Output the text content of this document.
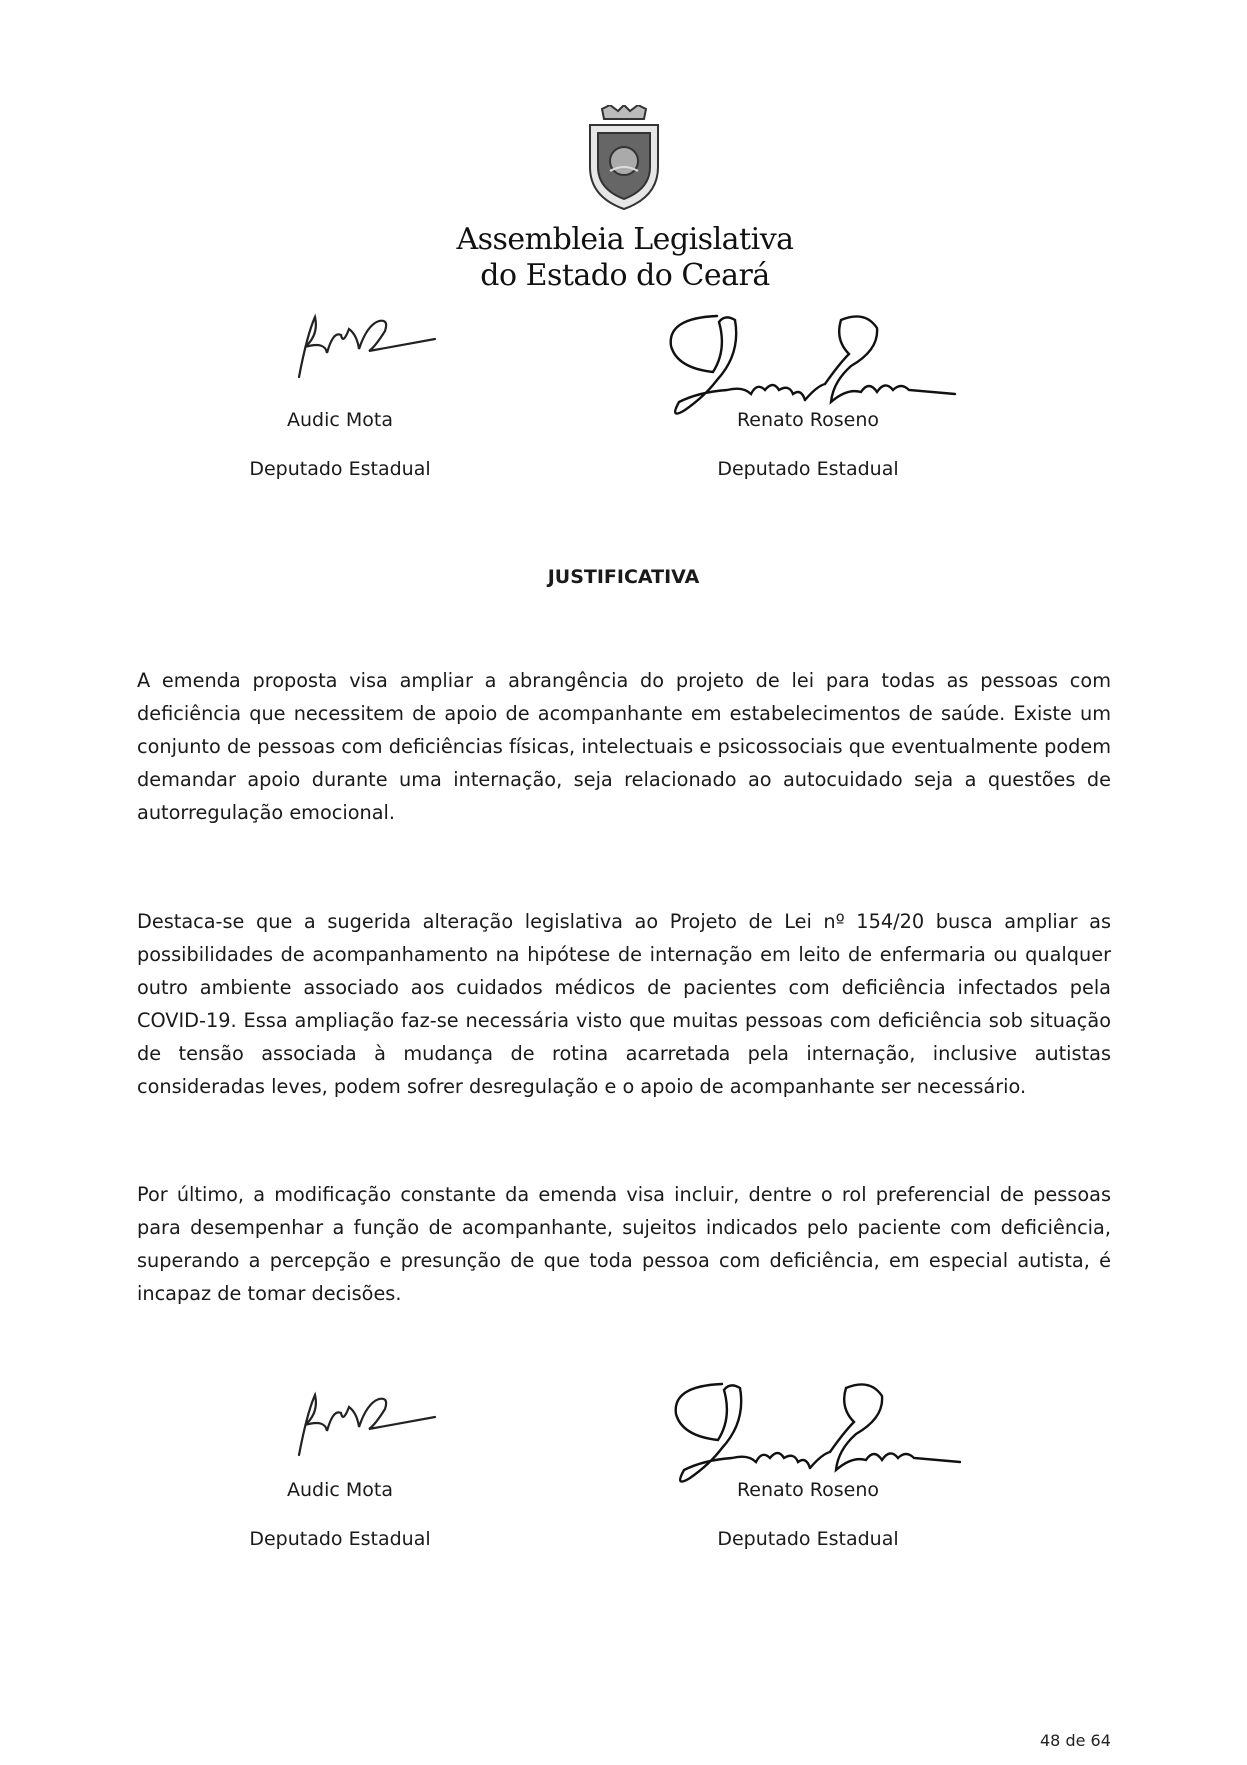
Assembleia Legislativa
do Estado do Ceará
Audic Mota
Deputado Estadual
Renato Roseno
Deputado Estadual
JUSTIFICATIVA

A emenda proposta visa ampliar a abrangência do projeto de lei para todas as pessoas com deficiência que necessitem de apoio de acompanhante em estabelecimentos de saúde. Existe um conjunto de pessoas com deficiências físicas, intelectuais e psicossociais que eventualmente podem demandar apoio durante uma internação, seja relacionado ao autocuidado seja a questões de autorregulação emocional.

Destaca-se que a sugerida alteração legislativa ao Projeto de Lei nº 154/20 busca ampliar as possibilidades de acompanhamento na hipótese de internação em leito de enfermaria ou qualquer outro ambiente associado aos cuidados médicos de pacientes com deficiência infectados pela COVID-19. Essa ampliação faz-se necessária visto que muitas pessoas com deficiência sob situação de tensão associada à mudança de rotina acarretada pela internação, inclusive autistas consideradas leves, podem sofrer desregulação e o apoio de acompanhante ser necessário.

Por último, a modificação constante da emenda visa incluir, dentre o rol preferencial de pessoas para desempenhar a função de acompanhante, sujeitos indicados pelo paciente com deficiência, superando a percepção e presunção de que toda pessoa com deficiência, em especial autista, é incapaz de tomar decisões.

Audic Mota
Deputado Estadual
Renato Roseno
Deputado Estadual
48 de 64
